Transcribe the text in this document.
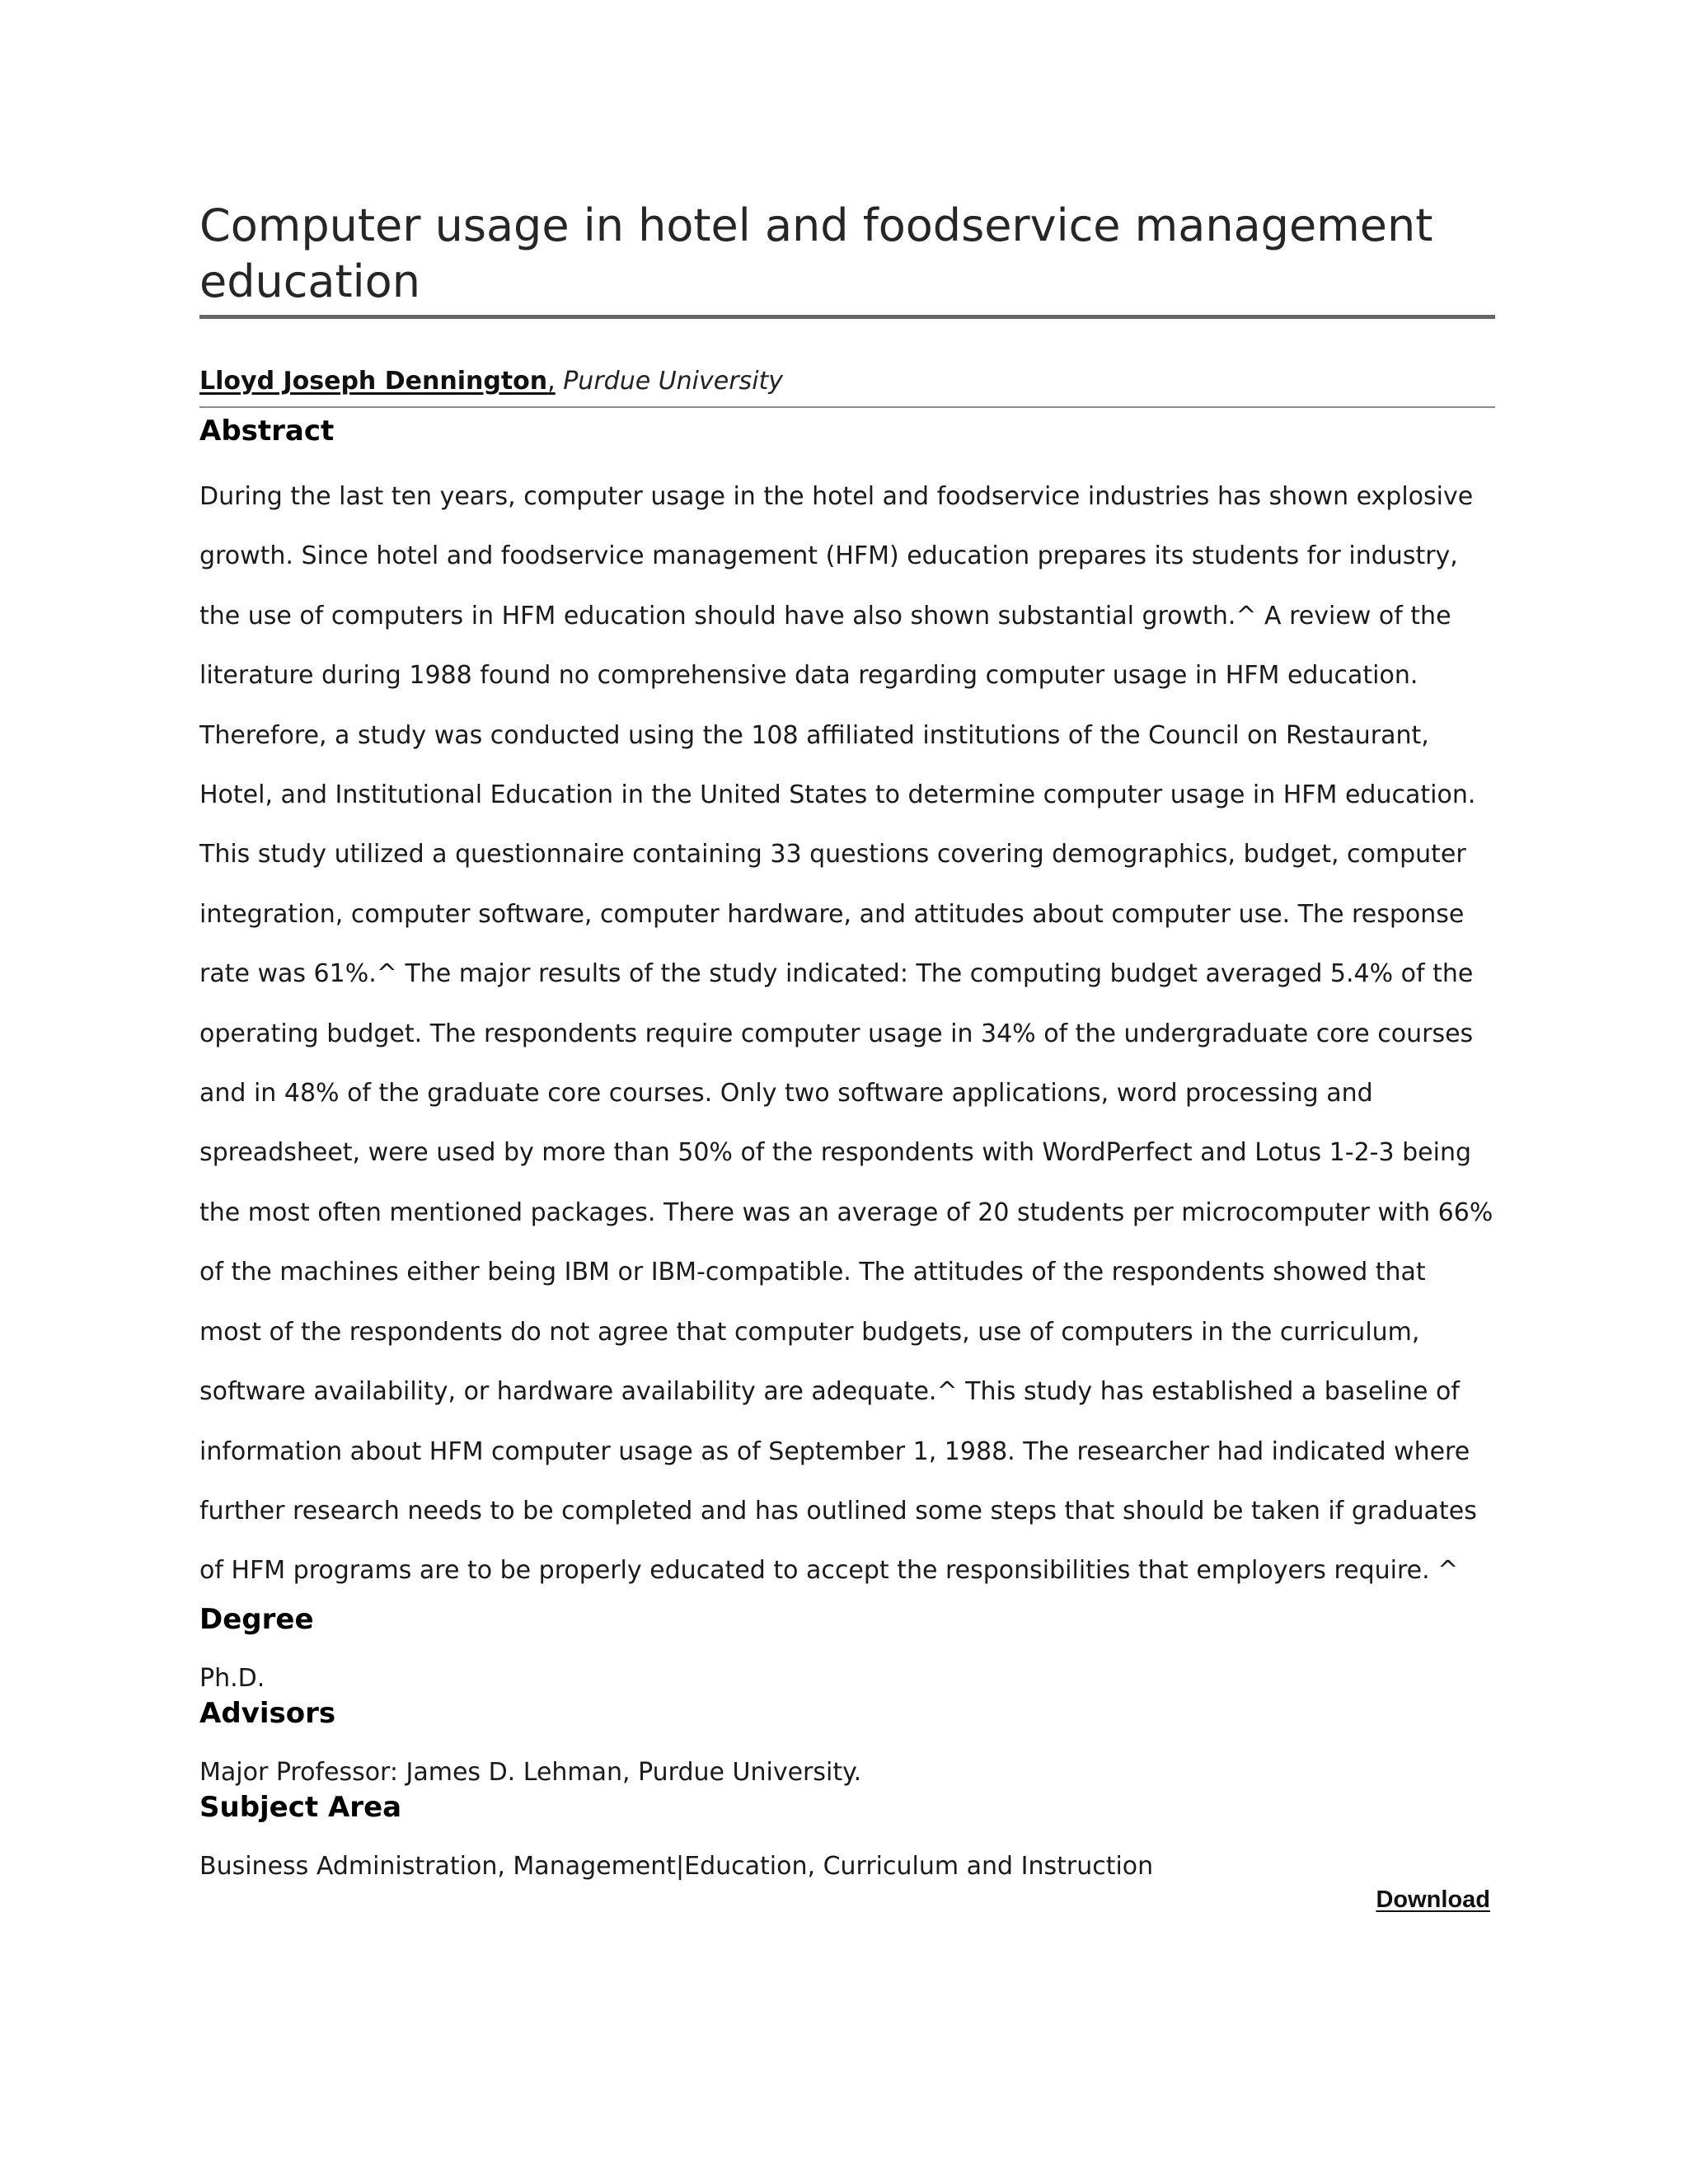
Computer usage in hotel and foodservice management education
Lloyd Joseph Dennington, Purdue University
Abstract
During the last ten years, computer usage in the hotel and foodservice industries has shown explosive growth. Since hotel and foodservice management (HFM) education prepares its students for industry, the use of computers in HFM education should have also shown substantial growth.^ A review of the literature during 1988 found no comprehensive data regarding computer usage in HFM education. Therefore, a study was conducted using the 108 affiliated institutions of the Council on Restaurant, Hotel, and Institutional Education in the United States to determine computer usage in HFM education. This study utilized a questionnaire containing 33 questions covering demographics, budget, computer integration, computer software, computer hardware, and attitudes about computer use. The response rate was 61%.^ The major results of the study indicated: The computing budget averaged 5.4% of the operating budget. The respondents require computer usage in 34% of the undergraduate core courses and in 48% of the graduate core courses. Only two software applications, word processing and spreadsheet, were used by more than 50% of the respondents with WordPerfect and Lotus 1-2-3 being the most often mentioned packages. There was an average of 20 students per microcomputer with 66% of the machines either being IBM or IBM-compatible. The attitudes of the respondents showed that most of the respondents do not agree that computer budgets, use of computers in the curriculum, software availability, or hardware availability are adequate.^ This study has established a baseline of information about HFM computer usage as of September 1, 1988. The researcher had indicated where further research needs to be completed and has outlined some steps that should be taken if graduates of HFM programs are to be properly educated to accept the responsibilities that employers require. ^
Degree
Ph.D.
Advisors
Major Professor: James D. Lehman, Purdue University.
Subject Area
Business Administration, Management|Education, Curriculum and Instruction
Download
